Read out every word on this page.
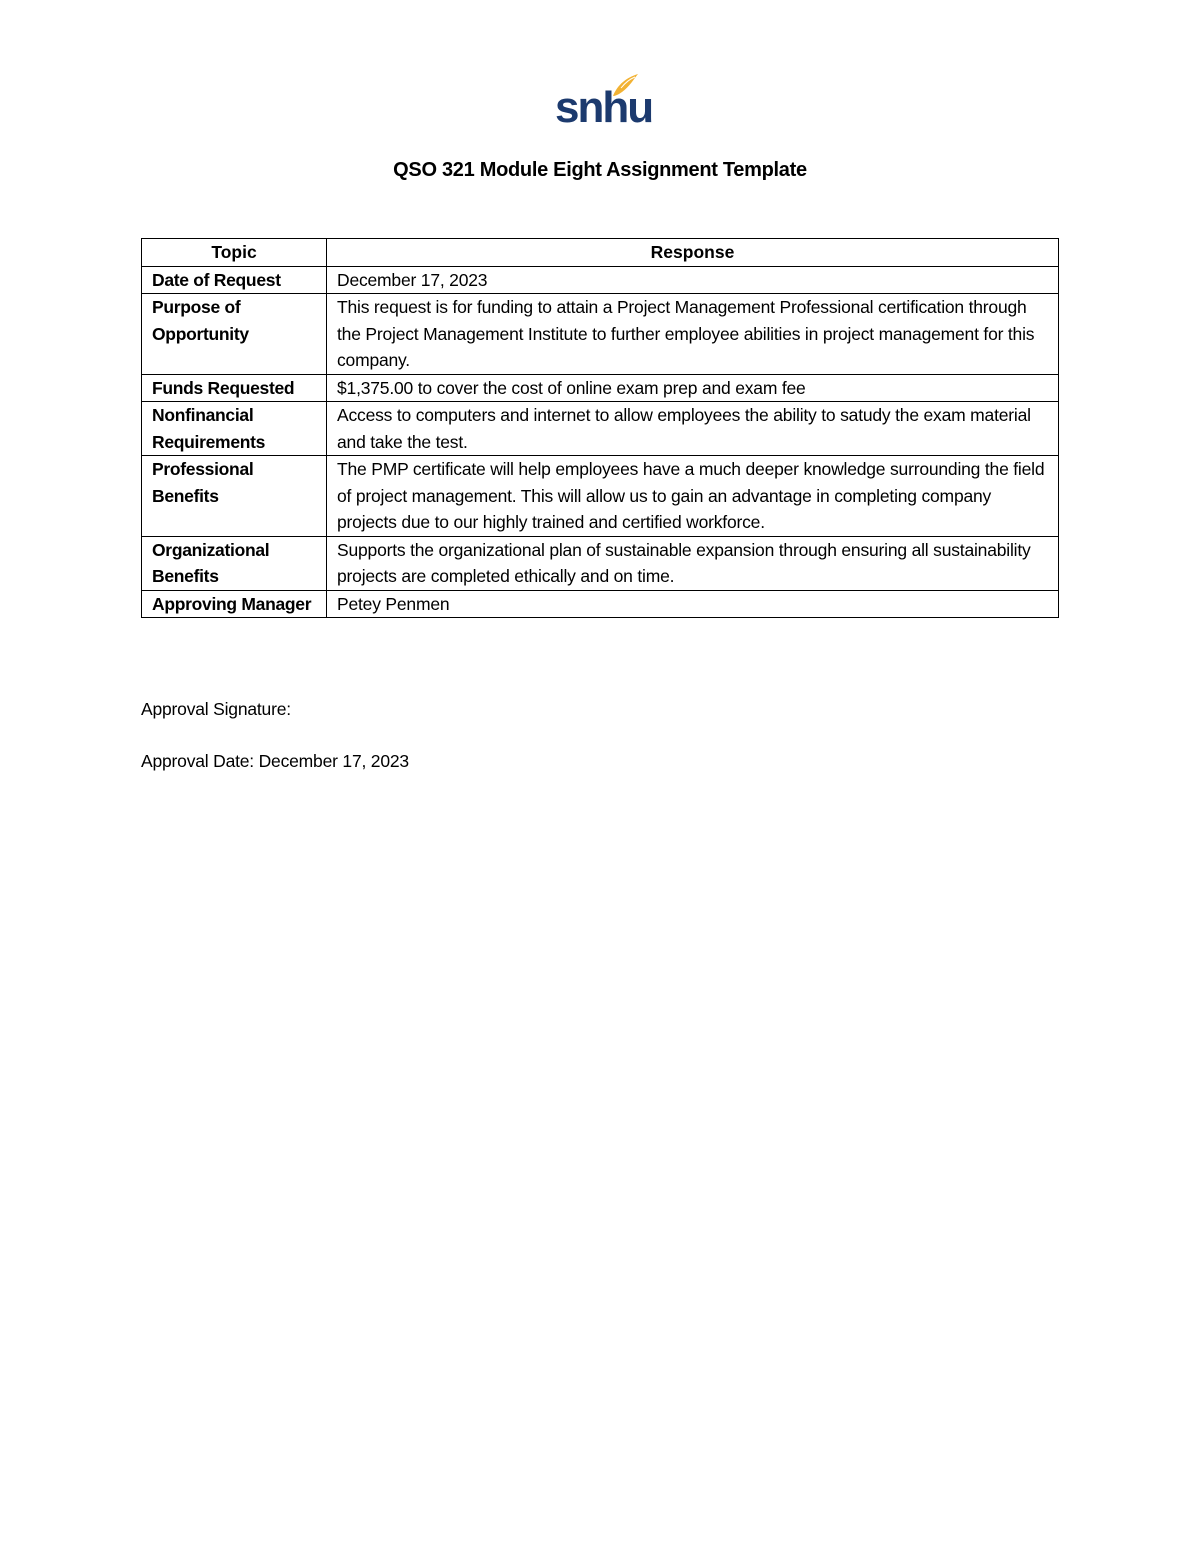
snhu
QSO 321 Module Eight Assignment Template
Topic	Response
Date of Request	December 17, 2023
Purpose of Opportunity	This request is for funding to attain a Project Management Professional certification through the Project Management Institute to further employee abilities in project management for this company.
Funds Requested	$1,375.00 to cover the cost of online exam prep and exam fee
Nonfinancial Requirements	Access to computers and internet to allow employees the ability to satudy the exam material and take the test.
Professional Benefits	The PMP certificate will help employees have a much deeper knowledge surrounding the field of project management. This will allow us to gain an advantage in completing company projects due to our highly trained and certified workforce.
Organizational Benefits	Supports the organizational plan of sustainable expansion through ensuring all sustainability projects are completed ethically and on time.
Approving Manager	Petey Penmen
Approval Signature:
Approval Date: December 17, 2023
